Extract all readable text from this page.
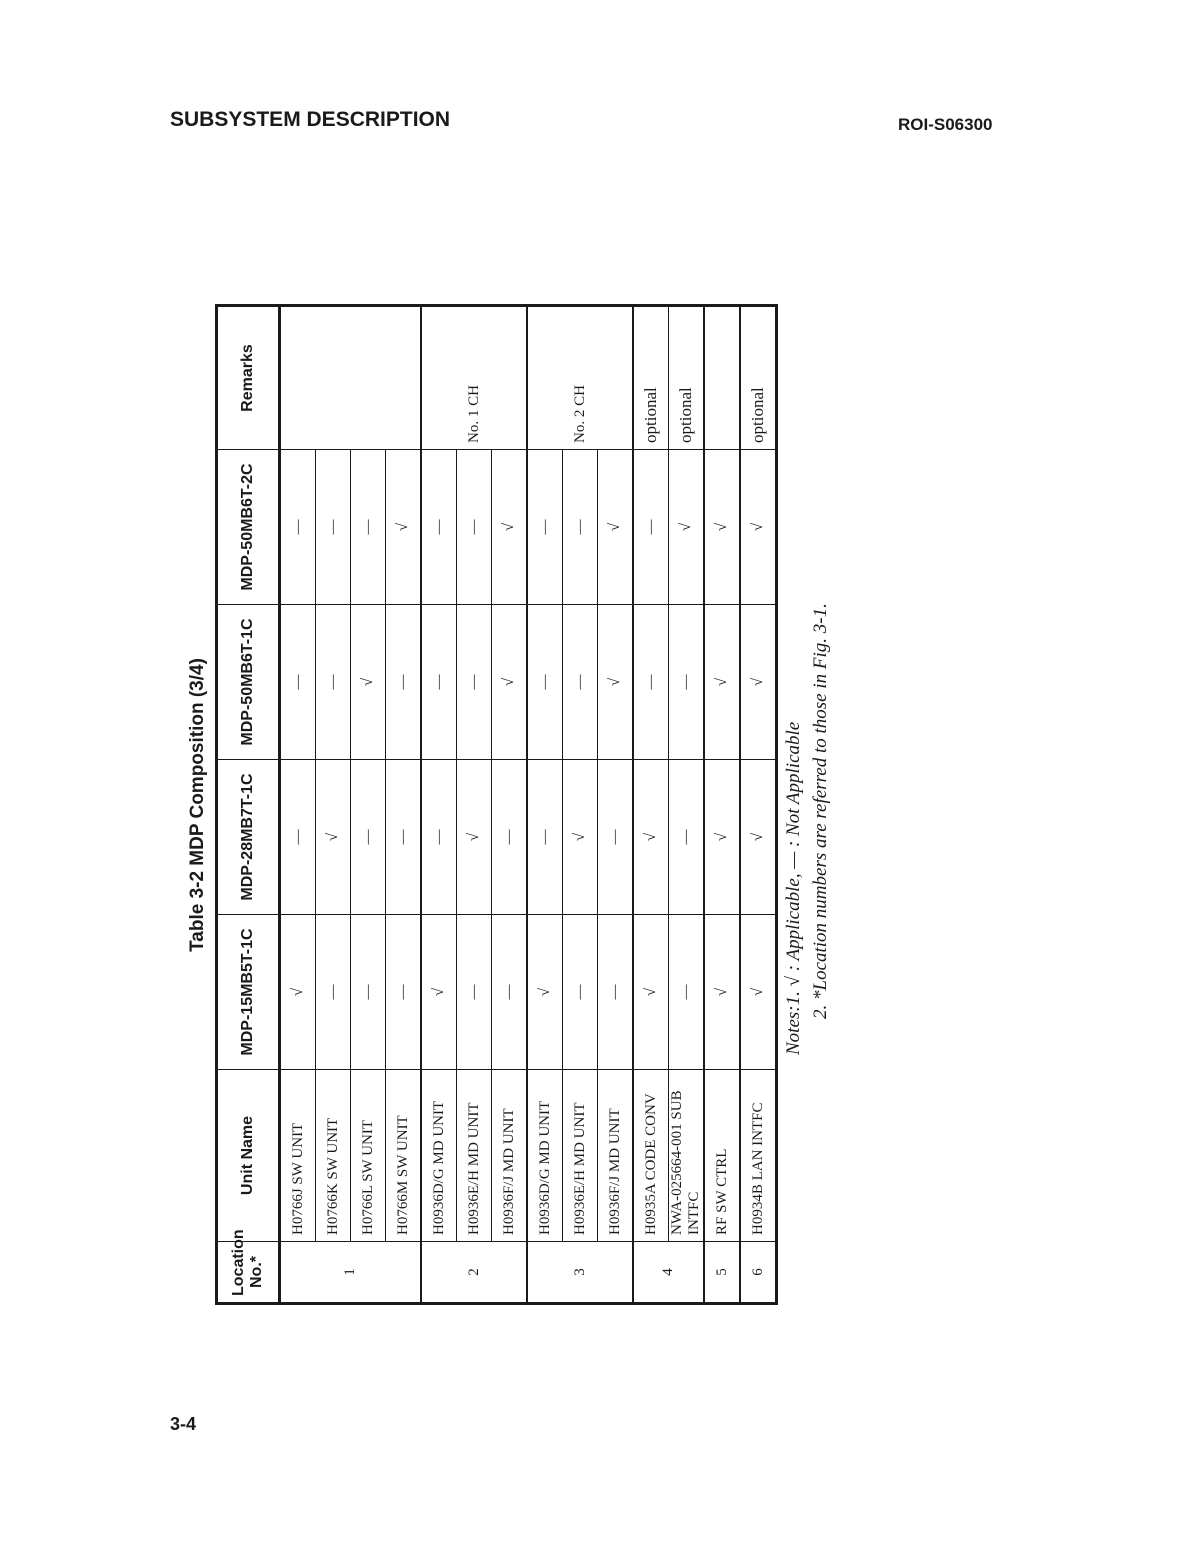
SUBSYSTEM DESCRIPTION	ROI-S06300
Table 3-2 MDP Composition (3/4)
Location No.*	Unit Name	MDP-15MB5T-1C	MDP-28MB7T-1C	MDP-50MB6T-1C	MDP-50MB6T-2C	Remarks
1	H0766J SW UNIT	√	—	—	—	
	H0766K SW UNIT	—	√	—	—	
	H0766L SW UNIT	—	—	√	—	
	H0766M SW UNIT	—	—	—	√	
2	H0936D/G MD UNIT	√	—	—	—	No. 1 CH
	H0936E/H MD UNIT	—	√	—	—	
	H0936F/J MD UNIT	—	—	√	√	
3	H0936D/G MD UNIT	√	—	—	—	No. 2 CH
	H0936E/H MD UNIT	—	√	—	—	
	H0936F/J MD UNIT	—	—	√	√	
4	H0935A CODE CONV	√	√	—	—	optional
	NWA-025664-001 SUB INTFC	—	—	—	√	optional
5	RF SW CTRL	√	√	√	√	
6	H0934B LAN INTFC	√	√	√	√	optional
Notes:1. √ : Applicable, — : Not Applicable 2. *Location numbers are referred to those in Fig. 3-1.
3-4
